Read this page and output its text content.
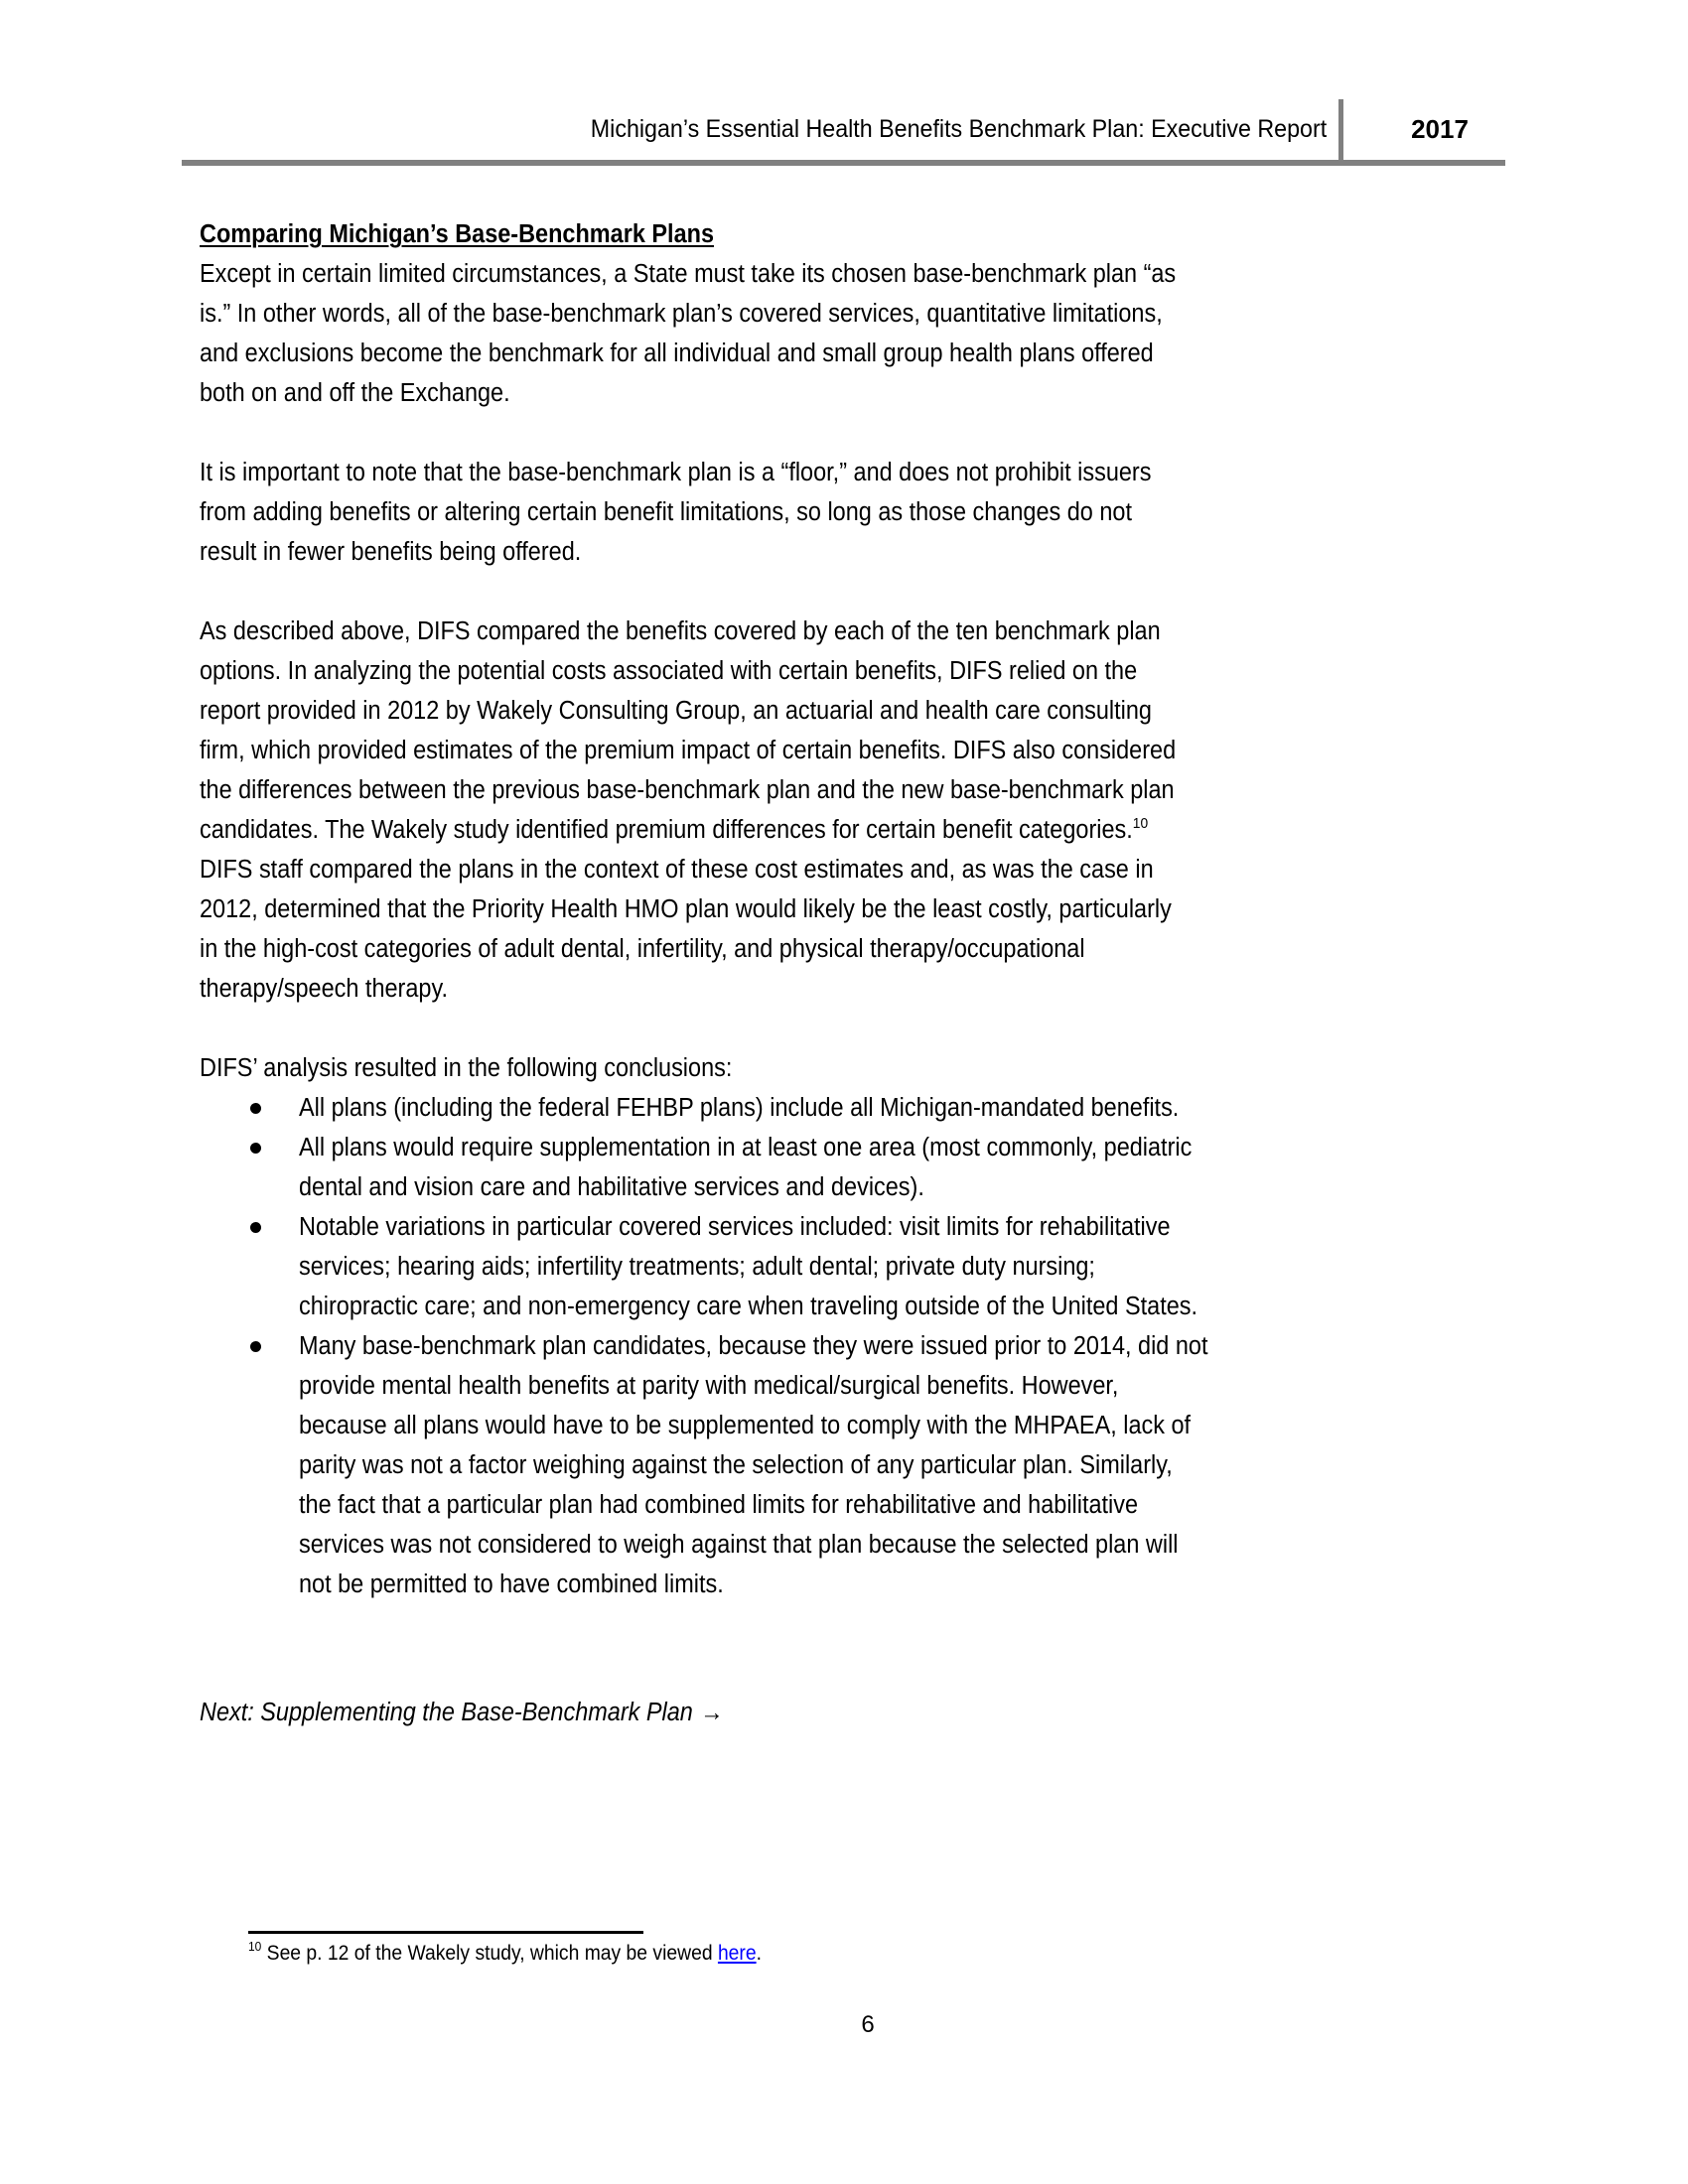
Michigan’s Essential Health Benefits Benchmark Plan: Executive Report	2017
Comparing Michigan’s Base-Benchmark Plans
Except in certain limited circumstances, a State must take its chosen base-benchmark plan “as
is.” In other words, all of the base-benchmark plan’s covered services, quantitative limitations,
and exclusions become the benchmark for all individual and small group health plans offered
both on and off the Exchange.
It is important to note that the base-benchmark plan is a “floor,” and does not prohibit issuers
from adding benefits or altering certain benefit limitations, so long as those changes do not
result in fewer benefits being offered.
As described above, DIFS compared the benefits covered by each of the ten benchmark plan
options. In analyzing the potential costs associated with certain benefits, DIFS relied on the
report provided in 2012 by Wakely Consulting Group, an actuarial and health care consulting
firm, which provided estimates of the premium impact of certain benefits. DIFS also considered
the differences between the previous base-benchmark plan and the new base-benchmark plan
candidates. The Wakely study identified premium differences for certain benefit categories.$^{10}$
DIFS staff compared the plans in the context of these cost estimates and, as was the case in
2012, determined that the Priority Health HMO plan would likely be the least costly, particularly
in the high-cost categories of adult dental, infertility, and physical therapy/occupational
therapy/speech therapy.
DIFS’ analysis resulted in the following conclusions:
All plans (including the federal FEHBP plans) include all Michigan-mandated benefits.
All plans would require supplementation in at least one area (most commonly, pediatric
dental and vision care and habilitative services and devices).
Notable variations in particular covered services included: visit limits for rehabilitative
services; hearing aids; infertility treatments; adult dental; private duty nursing;
chiropractic care; and non-emergency care when traveling outside of the United States.
Many base-benchmark plan candidates, because they were issued prior to 2014, did not
provide mental health benefits at parity with medical/surgical benefits. However,
because all plans would have to be supplemented to comply with the MHPAEA, lack of
parity was not a factor weighing against the selection of any particular plan. Similarly,
the fact that a particular plan had combined limits for rehabilitative and habilitative
services was not considered to weigh against that plan because the selected plan will
not be permitted to have combined limits.
Next: Supplementing the Base-Benchmark Plan →
$^{10}$ See p. 12 of the Wakely study, which may be viewed here.
6
